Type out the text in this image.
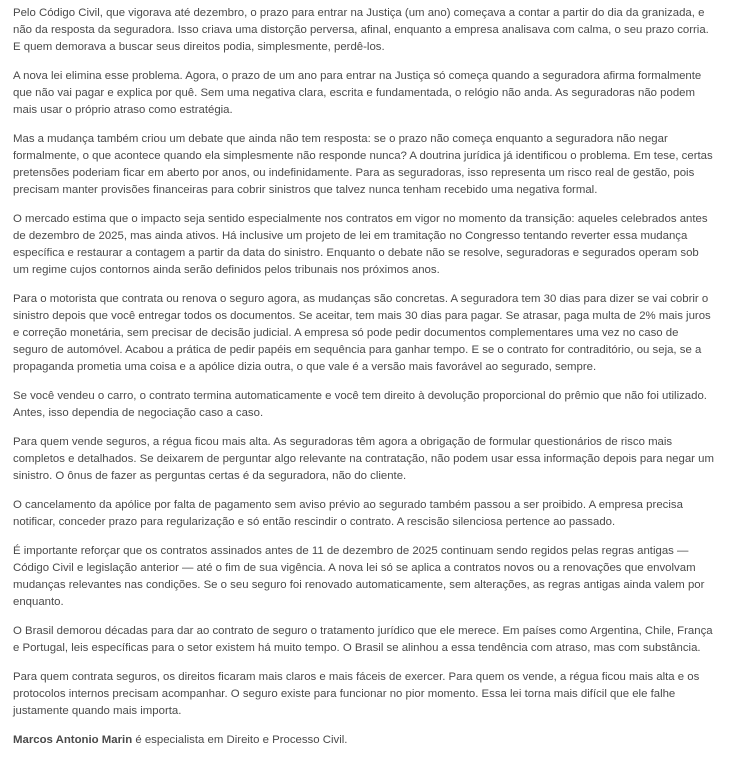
Pelo Código Civil, que vigorava até dezembro, o prazo para entrar na Justiça (um ano) começava a contar a partir do dia da granizada, e não da resposta da seguradora. Isso criava uma distorção perversa, afinal, enquanto a empresa analisava com calma, o seu prazo corria. E quem demorava a buscar seus direitos podia, simplesmente, perdê-los.

A nova lei elimina esse problema. Agora, o prazo de um ano para entrar na Justiça só começa quando a seguradora afirma formalmente que não vai pagar e explica por quê. Sem uma negativa clara, escrita e fundamentada, o relógio não anda. As seguradoras não podem mais usar o próprio atraso como estratégia.

Mas a mudança também criou um debate que ainda não tem resposta: se o prazo não começa enquanto a seguradora não negar formalmente, o que acontece quando ela simplesmente não responde nunca? A doutrina jurídica já identificou o problema. Em tese, certas pretensões poderiam ficar em aberto por anos, ou indefinidamente. Para as seguradoras, isso representa um risco real de gestão, pois precisam manter provisões financeiras para cobrir sinistros que talvez nunca tenham recebido uma negativa formal.

O mercado estima que o impacto seja sentido especialmente nos contratos em vigor no momento da transição: aqueles celebrados antes de dezembro de 2025, mas ainda ativos. Há inclusive um projeto de lei em tramitação no Congresso tentando reverter essa mudança específica e restaurar a contagem a partir da data do sinistro. Enquanto o debate não se resolve, seguradoras e segurados operam sob um regime cujos contornos ainda serão definidos pelos tribunais nos próximos anos.

Para o motorista que contrata ou renova o seguro agora, as mudanças são concretas. A seguradora tem 30 dias para dizer se vai cobrir o sinistro depois que você entregar todos os documentos. Se aceitar, tem mais 30 dias para pagar. Se atrasar, paga multa de 2% mais juros e correção monetária, sem precisar de decisão judicial. A empresa só pode pedir documentos complementares uma vez no caso de seguro de automóvel. Acabou a prática de pedir papéis em sequência para ganhar tempo. E se o contrato for contraditório, ou seja, se a propaganda prometia uma coisa e a apólice dizia outra, o que vale é a versão mais favorável ao segurado, sempre.

Se você vendeu o carro, o contrato termina automaticamente e você tem direito à devolução proporcional do prêmio que não foi utilizado. Antes, isso dependia de negociação caso a caso.

Para quem vende seguros, a régua ficou mais alta. As seguradoras têm agora a obrigação de formular questionários de risco mais completos e detalhados. Se deixarem de perguntar algo relevante na contratação, não podem usar essa informação depois para negar um sinistro. O ônus de fazer as perguntas certas é da seguradora, não do cliente.

O cancelamento da apólice por falta de pagamento sem aviso prévio ao segurado também passou a ser proibido. A empresa precisa notificar, conceder prazo para regularização e só então rescindir o contrato. A rescisão silenciosa pertence ao passado.

É importante reforçar que os contratos assinados antes de 11 de dezembro de 2025 continuam sendo regidos pelas regras antigas — Código Civil e legislação anterior — até o fim de sua vigência. A nova lei só se aplica a contratos novos ou a renovações que envolvam mudanças relevantes nas condições. Se o seu seguro foi renovado automaticamente, sem alterações, as regras antigas ainda valem por enquanto.

O Brasil demorou décadas para dar ao contrato de seguro o tratamento jurídico que ele merece. Em países como Argentina, Chile, França e Portugal, leis específicas para o setor existem há muito tempo. O Brasil se alinhou a essa tendência com atraso, mas com substância.

Para quem contrata seguros, os direitos ficaram mais claros e mais fáceis de exercer. Para quem os vende, a régua ficou mais alta e os protocolos internos precisam acompanhar. O seguro existe para funcionar no pior momento. Essa lei torna mais difícil que ele falhe justamente quando mais importa.

Marcos Antonio Marin é especialista em Direito e Processo Civil.
